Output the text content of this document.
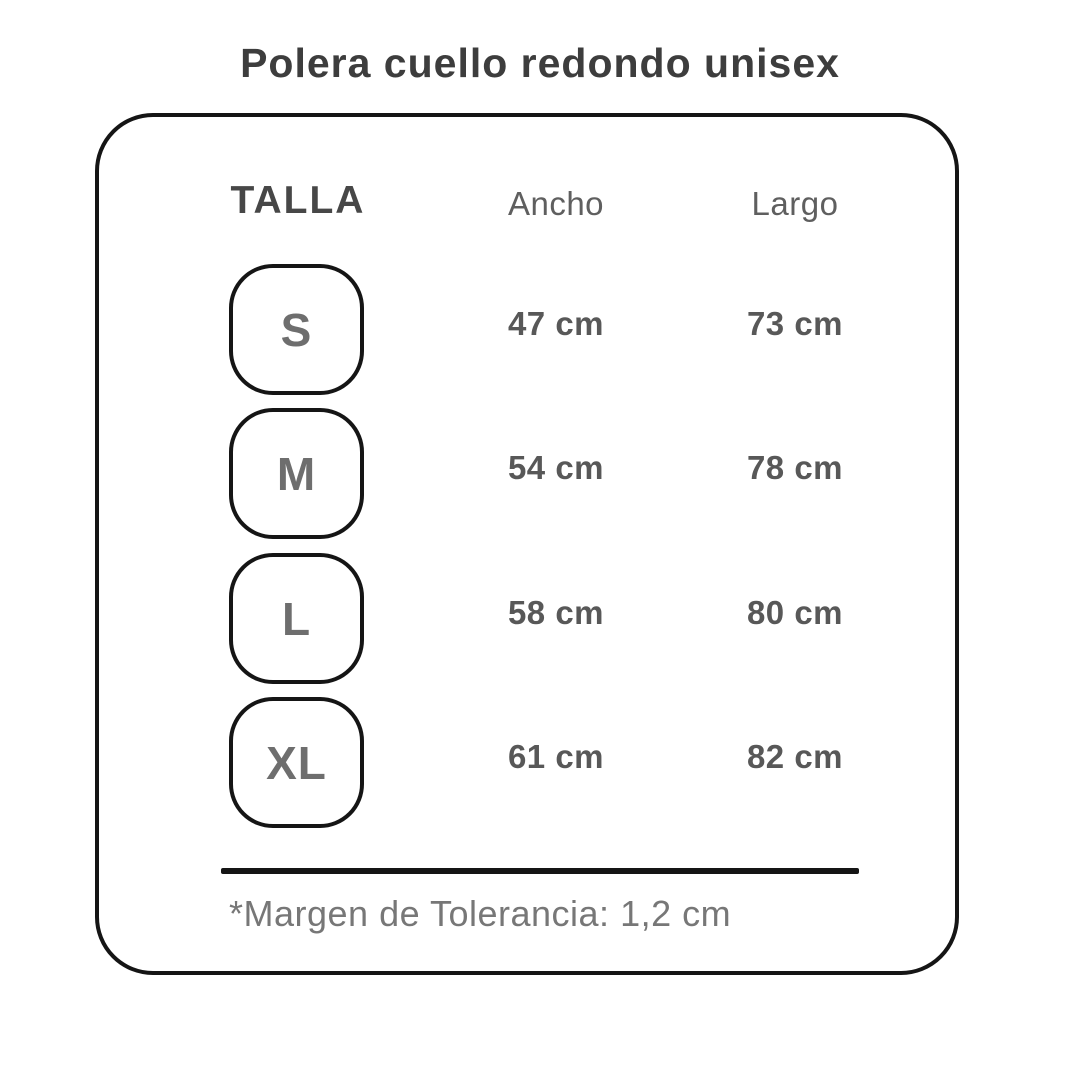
Polera cuello redondo unisex
TALLA	Ancho	Largo
S	47 cm	73 cm
M	54 cm	78 cm
L	58 cm	80 cm
XL	61 cm	82 cm
*Margen de Tolerancia: 1,2 cm
